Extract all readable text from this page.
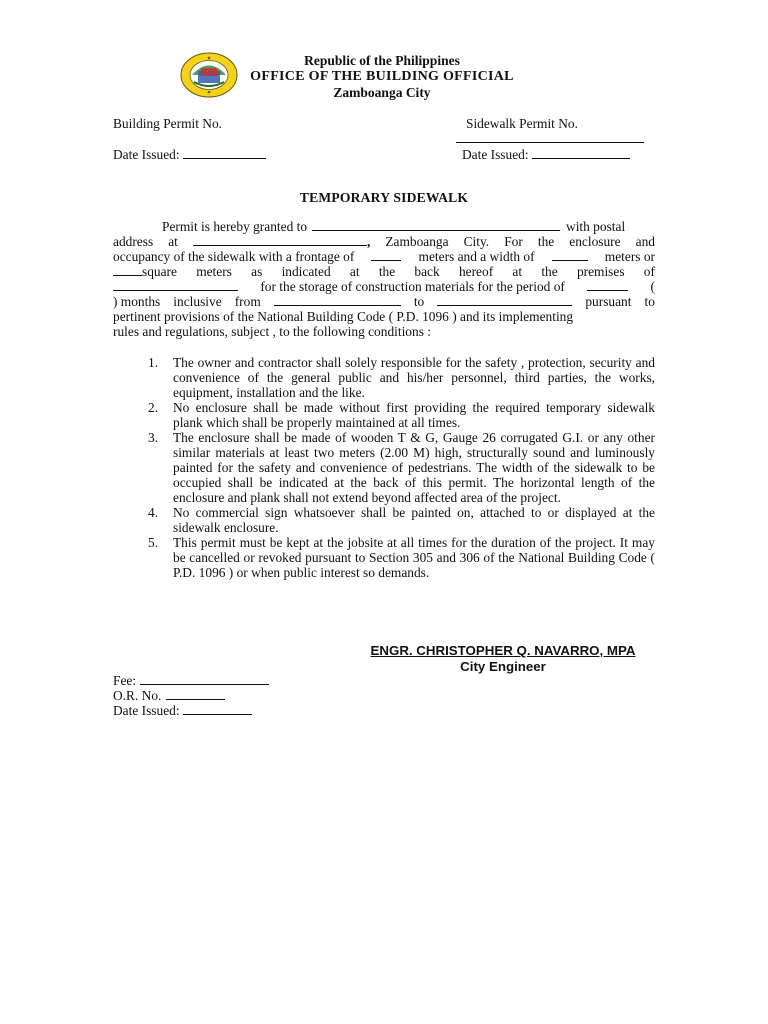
Republic of the Philippines
OFFICE OF THE BUILDING OFFICIAL
Zamboanga City
Building Permit No.	Sidewalk Permit No.
Date Issued:	Date Issued:
TEMPORARY SIDEWALK
Permit is hereby granted to	with postal
address at	, Zamboanga City. For the enclosure and
occupancy of the sidewalk with a frontage of	meters and a width of	meters or
square meters as indicated at the back hereof at the premises of
for the storage of construction materials for the period of	(
) months inclusive from	to	pursuant to
pertinent provisions of the National Building Code ( P.D. 1096 ) and its implementing
rules and regulations, subject , to the following conditions :
1.	The owner and contractor shall solely responsible for the safety , protection, security and convenience of the general public and his/her personnel, third parties, the works, equipment, installation and the like.
2.	No enclosure shall be made without first providing the required temporary sidewalk plank which shall be properly maintained at all times.
3.	The enclosure shall be made of wooden T & G, Gauge 26 corrugated G.I. or any other similar materials at least two meters (2.00 M) high, structurally sound and luminously painted for the safety and convenience of pedestrians. The width of the sidewalk to be occupied shall be indicated at the back of this permit. The horizontal length of the enclosure and plank shall not extend beyond affected area of the project.
4.	No commercial sign whatsoever shall be painted on, attached to or displayed at the sidewalk enclosure.
5.	This permit must be kept at the jobsite at all times for the duration of the project. It may be cancelled or revoked pursuant to Section 305 and 306 of the National Building Code ( P.D. 1096 ) or when public interest so demands.
ENGR. CHRISTOPHER Q. NAVARRO, MPA
City Engineer
Fee:
O.R. No.
Date Issued:
